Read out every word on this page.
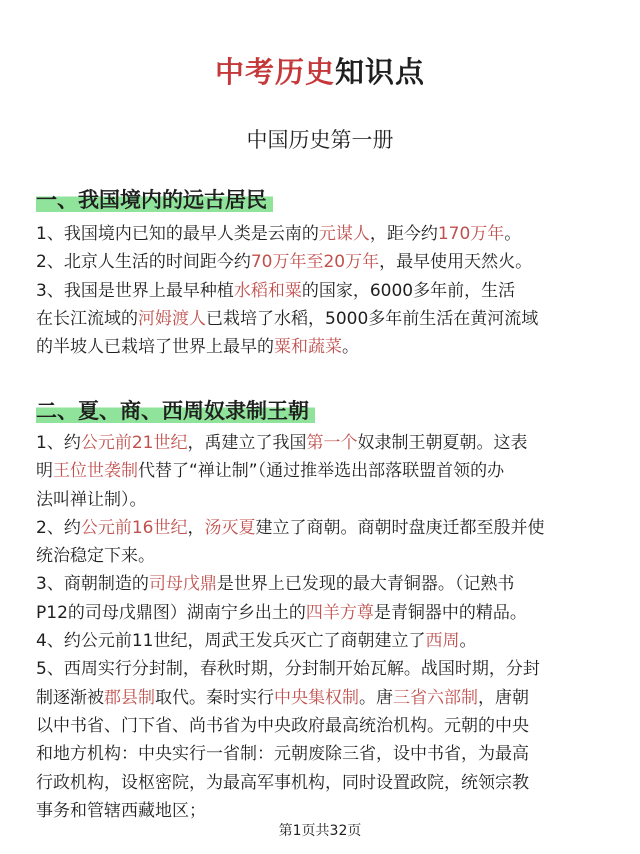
中考历史知识点
中国历史第一册
一、我国境内的远古居民

1、我国境内已知的最早人类是云南的元谋人，距今约170万年。

2、北京人生活的时间距今约70万年至20万年，最早使用天然火。

3、我国是世界上最早种植水稻和粟的国家，6000多年前，生活

在长江流域的河姆渡人已栽培了水稻，5000多年前生活在黄河流域

的半坡人已栽培了世界上最早的粟和蔬菜。

二、夏、商、西周奴隶制王朝

1、约公元前21世纪，禹建立了我国第一个奴隶制王朝夏朝。这表

明王位世袭制代替了“禅让制”（通过推举选出部落联盟首领的办

法叫禅让制）。

2、约公元前16世纪，汤灭夏建立了商朝。商朝时盘庚迁都至殷并使

统治稳定下来。

3、商朝制造的司母戊鼎是世界上已发现的最大青铜器。（记熟书

P12的司母戊鼎图）湖南宁乡出土的四羊方尊是青铜器中的精品。

4、约公元前11世纪，周武王发兵灭亡了商朝建立了西周。

5、西周实行分封制，春秋时期，分封制开始瓦解。战国时期，分封

制逐渐被郡县制取代。秦时实行中央集权制。唐三省六部制，唐朝

以中书省、门下省、尚书省为中央政府最高统治机构。元朝的中央

和地方机构：中央实行一省制：元朝废除三省，设中书省，为最高

行政机构，设枢密院，为最高军事机构，同时设置政院，统领宗教

事务和管辖西藏地区；

第1页共32页
